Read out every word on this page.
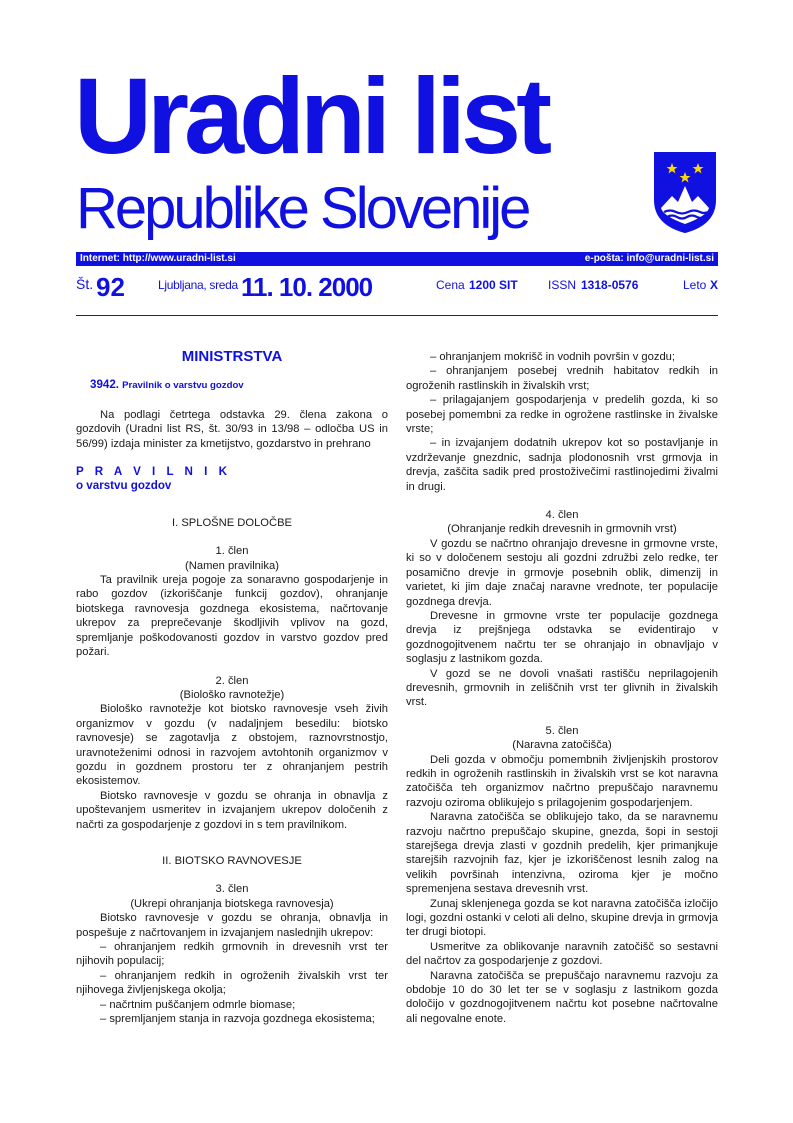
Uradni list
Republike Slovenije
Internet: http://www.uradni-list.si	e-pošta: info@uradni-list.si
Št. 92	Ljubljana, sreda 11. 10. 2000	Cena 1200 SIT	ISSN 1318-0576	Leto X
MINISTRSTVA

3942. Pravilnik o varstvu gozdov

Na podlagi četrtega odstavka 29. člena zakona o gozdovih (Uradni list RS, št. 30/93 in 13/98 – odločba US in 56/99) izdaja minister za kmetijstvo, gozdarstvo in prehrano

P R A V I L N I K

o varstvu gozdov

I. SPLOŠNE DOLOČBE

1. člen

(Namen pravilnika)

Ta pravilnik ureja pogoje za sonaravno gospodarjenje in rabo gozdov (izkoriščanje funkcij gozdov), ohranjanje biotskega ravnovesja gozdnega ekosistema, načrtovanje ukrepov za preprečevanje škodljivih vplivov na gozd, spremljanje poškodovanosti gozdov in varstvo gozdov pred požari.

2. člen

(Biološko ravnotežje)

Biološko ravnotežje kot biotsko ravnovesje vseh živih organizmov v gozdu (v nadaljnjem besedilu: biotsko ravnovesje) se zagotavlja z obstojem, raznovrstnostjo, uravnoteženimi odnosi in razvojem avtohtonih organizmov v gozdu in gozdnem prostoru ter z ohranjanjem pestrih ekosistemov.

Biotsko ravnovesje v gozdu se ohranja in obnavlja z upoštevanjem usmeritev in izvajanjem ukrepov določenih z načrti za gospodarjenje z gozdovi in s tem pravilnikom.

II. BIOTSKO RAVNOVESJE

3. člen

(Ukrepi ohranjanja biotskega ravnovesja)

Biotsko ravnovesje v gozdu se ohranja, obnavlja in pospešuje z načrtovanjem in izvajanjem naslednjih ukrepov:

– ohranjanjem redkih grmovnih in drevesnih vrst ter njihovih populacij;

– ohranjanjem redkih in ogroženih živalskih vrst ter njihovega življenjskega okolja;

– načrtnim puščanjem odmrle biomase;

– spremljanjem stanja in razvoja gozdnega ekosistema;

– ohranjanjem mokrišč in vodnih površin v gozdu;

– ohranjanjem posebej vrednih habitatov redkih in ogroženih rastlinskih in živalskih vrst;

– prilagajanjem gospodarjenja v predelih gozda, ki so posebej pomembni za redke in ogrožene rastlinske in živalske vrste;

– in izvajanjem dodatnih ukrepov kot so postavljanje in vzdrževanje gnezdnic, sadnja plodonosnih vrst grmovja in drevja, zaščita sadik pred prostoživečimi rastlinojedimi živalmi in drugi.

4. člen

(Ohranjanje redkih drevesnih in grmovnih vrst)

V gozdu se načrtno ohranjajo drevesne in grmovne vrste, ki so v določenem sestoju ali gozdni združbi zelo redke, ter posamično drevje in grmovje posebnih oblik, dimenzij in varietet, ki jim daje značaj naravne vrednote, ter populacije gozdnega drevja.

Drevesne in grmovne vrste ter populacije gozdnega drevja iz prejšnjega odstavka se evidentirajo v gozdnogojitvenem načrtu ter se ohranjajo in obnavljajo v soglasju z lastnikom gozda.

V gozd se ne dovoli vnašati rastišču neprilagojenih drevesnih, grmovnih in zeliščnih vrst ter glivnih in živalskih vrst.

5. člen

(Naravna zatočišča)

Deli gozda v območju pomembnih življenjskih prostorov redkih in ogroženih rastlinskih in živalskih vrst se kot naravna zatočišča teh organizmov načrtno prepuščajo naravnemu razvoju oziroma oblikujejo s prilagojenim gospodarjenjem.

Naravna zatočišča se oblikujejo tako, da se naravnemu razvoju načrtno prepuščajo skupine, gnezda, šopi in sestoji starejšega drevja zlasti v gozdnih predelih, kjer primanjkuje starejših razvojnih faz, kjer je izkoriščenost lesnih zalog na velikih površinah intenzivna, oziroma kjer je močno spremenjena sestava drevesnih vrst.

Zunaj sklenjenega gozda se kot naravna zatočišča izločijo logi, gozdni ostanki v celoti ali delno, skupine drevja in grmovja ter drugi biotopi.

Usmeritve za oblikovanje naravnih zatočišč so sestavni del načrtov za gospodarjenje z gozdovi.

Naravna zatočišča se prepuščajo naravnemu razvoju za obdobje 10 do 30 let ter se v soglasju z lastnikom gozda določijo v gozdnogojitvenem načrtu kot posebne načrtovalne ali negovalne enote.
